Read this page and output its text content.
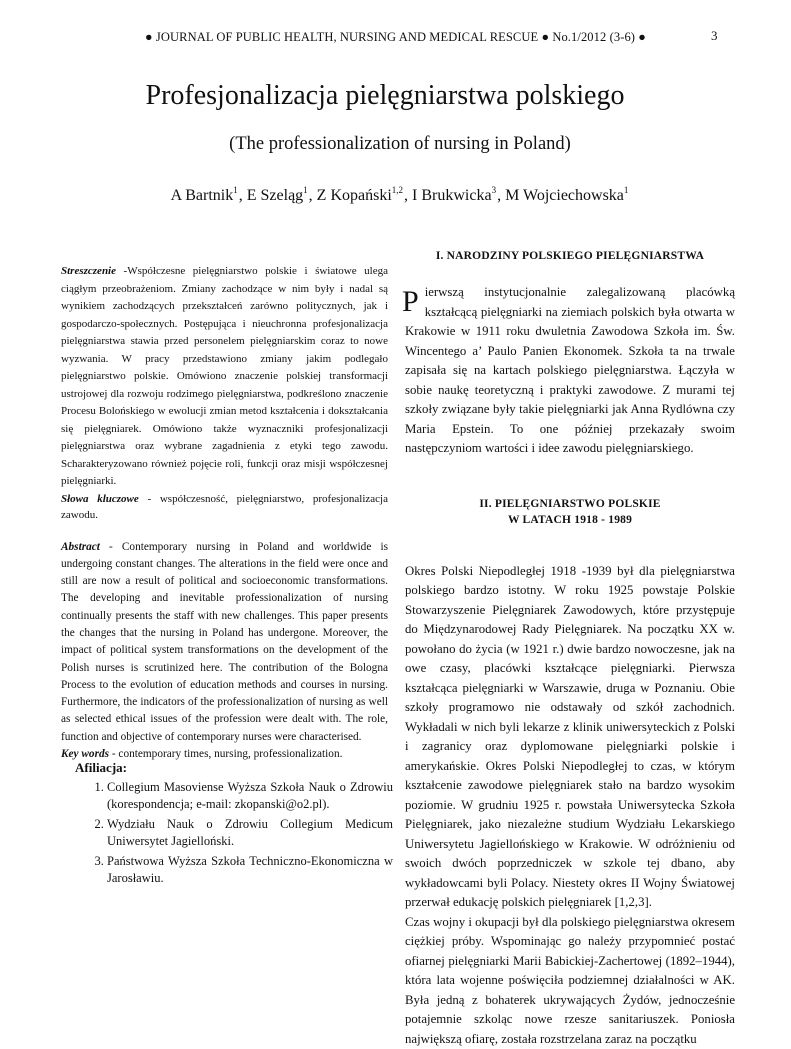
● JOURNAL OF PUBLIC HEALTH, NURSING AND MEDICAL RESCUE ● No.1/2012 (3-6) ●	3
Profesjonalizacja pielęgniarstwa polskiego
(The professionalization of nursing in Poland)
A Bartnik$^1$, E Szeląg$^1$, Z Kopański$^{1,2}$, I Brukwicka$^3$, M Wojciechowska$^1$

Streszczenie -Współczesne pielęgniarstwo polskie i światowe ulega ciągłym przeobrażeniom. Zmiany zachodzące w nim były i nadal są wynikiem zachodzących przekształceń zarówno politycznych, jak i gospodarczo-społecznych. Postępująca i nieuchronna profesjonalizacja pielęgniarstwa stawia przed personelem pielęgniarskim coraz to nowe wyzwania. W pracy przedstawiono zmiany jakim podlegało pielęgniarstwo polskie. Omówiono znaczenie polskiej transformacji ustrojowej dla rozwoju rodzimego pielęgniarstwa, podkreślono znaczenie Procesu Bolońskiego w ewolucji zmian metod kształcenia i dokształcania się pielęgniarek. Omówiono także wyznaczniki profesjonalizacji pielęgniarstwa oraz wybrane zagadnienia z etyki tego zawodu. Scharakteryzowano również pojęcie roli, funkcji oraz misji współczesnej pielęgniarki.

Słowa kluczowe - współczesność, pielęgniarstwo, profesjonalizacja zawodu.

Abstract - Contemporary nursing in Poland and worldwide is undergoing constant changes. The alterations in the field were once and still are now a result of political and socioeconomic transformations. The developing and inevitable professionalization of nursing continually presents the staff with new challenges. This paper presents the changes that the nursing in Poland has undergone. Moreover, the impact of political system transformations on the development of the Polish nurses is scrutinized here. The contribution of the Bologna Process to the evolution of education methods and courses in nursing. Furthermore, the indicators of the professionalization of nursing as well as selected ethical issues of the profession were dealt with. The role, function and objective of contemporary nurses were characterised.

Key words - contemporary times, nursing, professionalization.

Afiliacja:
1. Collegium Masoviense Wyższa Szkoła Nauk o Zdrowiu (korespondencja; e-mail: zkopanski@o2.pl).
2. Wydziału Nauk o Zdrowiu Collegium Medicum Uniwersytet Jagielloński.
3. Państwowa Wyższa Szkoła Techniczno-Ekonomiczna w Jarosławiu.
I. NARODZINY POLSKIEGO PIELĘGNIARSTWA

Pierwszą instytucjonalnie zalegalizowaną placówką kształcącą pielęgniarki na ziemiach polskich była otwarta w Krakowie w 1911 roku dwuletnia Zawodowa Szkoła im. Św. Wincentego a’ Paulo Panien Ekonomek. Szkoła ta na trwale zapisała się na kartach polskiego pielęgniarstwa. Łączyła w sobie naukę teoretyczną i praktyki zawodowe. Z murami tej szkoły związane były takie pielęgniarki jak Anna Rydlówna czy Maria Epstein. To one później przekazały swoim następczyniom wartości i idee zawodu pielęgniarskiego.

II. PIELĘGNIARSTWO POLSKIE
W LATACH 1918 - 1989

Okres Polski Niepodległej 1918 -1939 był dla pielęgniarstwa polskiego bardzo istotny. W roku 1925 powstaje Polskie Stowarzyszenie Pielęgniarek Zawodowych, które przystępuje do Międzynarodowej Rady Pielęgniarek. Na początku XX w. powołano do życia (w 1921 r.) dwie bardzo nowoczesne, jak na owe czasy, placówki kształcące pielęgniarki. Pierwsza kształcąca pielęgniarki w Warszawie, druga w Poznaniu. Obie szkoły programowo nie odstawały od szkół zachodnich. Wykładali w nich byli lekarze z klinik uniwersyteckich z Polski i zagranicy oraz dyplomowane pielęgniarki polskie i amerykańskie. Okres Polski Niepodległej to czas, w którym kształcenie zawodowe pielęgniarek stało na bardzo wysokim poziomie. W grudniu 1925 r. powstała Uniwersytecka Szkoła Pielęgniarek, jako niezależne studium Wydziału Lekarskiego Uniwersytetu Jagiellońskiego w Krakowie. W odróżnieniu od swoich dwóch poprzedniczek w szkole tej dbano, aby wykładowcami byli Polacy. Niestety okres II Wojny Światowej przerwał edukację polskich pielęgniarek [1,2,3].

Czas wojny i okupacji był dla polskiego pielęgniarstwa okresem ciężkiej próby. Wspominając go należy przypomnieć postać ofiarnej pielęgniarki Marii Babickiej-Zachertowej (1892–1944), która lata wojenne poświęciła podziemnej działalności w AK. Była jedną z bohaterek ukrywających Żydów, jednocześnie potajemnie szkoląc nowe rzesze sanitariuszek. Poniosła największą ofiarę, została rozstrzelana zaraz na początku
